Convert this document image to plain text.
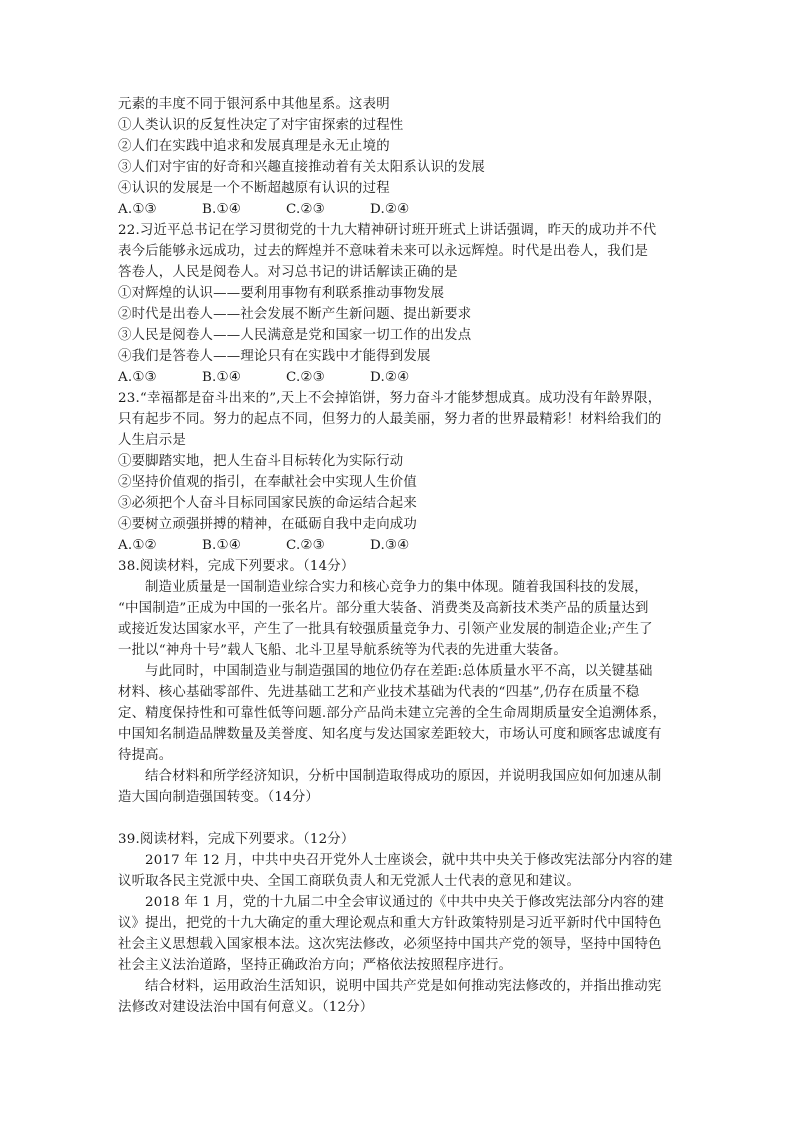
元素的丰度不同于银河系中其他星系。这表明
①人类认识的反复性决定了对宇宙探索的过程性
②人们在实践中追求和发展真理是永无止境的
③人们对宇宙的好奇和兴趣直接推动着有关太阳系认识的发展
④认识的发展是一个不断超越原有认识的过程
A.①③	B.①④	C.②③	D.②④
22.习近平总书记在学习贯彻党的十九大精神研讨班开班式上讲话强调，昨天的成功并不代
表今后能够永远成功，过去的辉煌并不意味着未来可以永远辉煌。时代是出卷人，我们是
答卷人，人民是阅卷人。对习总书记的讲话解读正确的是
①对辉煌的认识——要利用事物有利联系推动事物发展
②时代是出卷人——社会发展不断产生新问题、提出新要求
③人民是阅卷人——人民满意是党和国家一切工作的出发点
④我们是答卷人——理论只有在实践中才能得到发展
A.①③	B.①④	C.②③	D.②④
23.“幸福都是奋斗出来的”,天上不会掉馅饼，努力奋斗才能梦想成真。成功没有年龄界限，
只有起步不同。努力的起点不同，但努力的人最美丽，努力者的世界最精彩！材料给我们的
人生启示是
①要脚踏实地，把人生奋斗目标转化为实际行动
②坚持价值观的指引，在奉献社会中实现人生价值
③必须把个人奋斗目标同国家民族的命运结合起来
④要树立顽强拼搏的精神，在砥砺自我中走向成功
A.①②	B.①④	C.②③	D.③④
38.阅读材料，完成下列要求。（14分）
制造业质量是一国制造业综合实力和核心竞争力的集中体现。随着我国科技的发展，
“中国制造”正成为中国的一张名片。部分重大装备、消费类及高新技术类产品的质量达到
或接近发达国家水平，产生了一批具有较强质量竞争力、引领产业发展的制造企业;产生了
一批以“神舟十号”载人飞船、北斗卫星导航系统等为代表的先进重大装备。
与此同时，中国制造业与制造强国的地位仍存在差距:总体质量水平不高，以关键基础
材料、核心基础零部件、先进基础工艺和产业技术基础为代表的“四基”,仍存在质量不稳
定、精度保持性和可靠性低等问题.部分产品尚未建立完善的全生命周期质量安全追溯体系，
中国知名制造品牌数量及美誉度、知名度与发达国家差距较大，市场认可度和顾客忠诚度有
待提高。
结合材料和所学经济知识，分析中国制造取得成功的原因，并说明我国应如何加速从制
造大国向制造强国转变。（14分）
39.阅读材料，完成下列要求。（12分）
2017 年 12 月，中共中央召开党外人士座谈会，就中共中央关于修改宪法部分内容的建
议听取各民主党派中央、全国工商联负责人和无党派人士代表的意见和建议。
2018 年 1 月，党的十九届二中全会审议通过的《中共中央关于修改宪法部分内容的建
议》提出，把党的十九大确定的重大理论观点和重大方针政策特别是习近平新时代中国特色
社会主义思想载入国家根本法。这次宪法修改，必须坚持中国共产党的领导，坚持中国特色
社会主义法治道路，坚持正确政治方向；严格依法按照程序进行。
结合材料，运用政治生活知识，说明中国共产党是如何推动宪法修改的，并指出推动宪
法修改对建设法治中国有何意义。（12分）
